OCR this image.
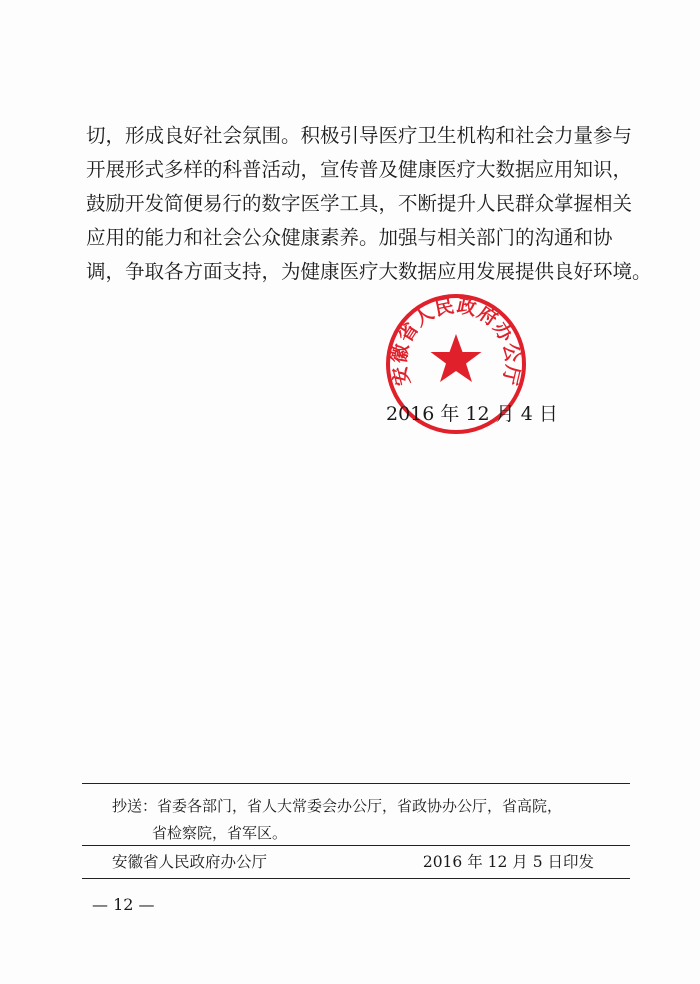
切，形成良好社会氛围。积极引导医疗卫生机构和社会力量参与
开展形式多样的科普活动，宣传普及健康医疗大数据应用知识，
鼓励开发简便易行的数字医学工具，不断提升人民群众掌握相关
应用的能力和社会公众健康素养。加强与相关部门的沟通和协
调，争取各方面支持，为健康医疗大数据应用发展提供良好环境。

安徽省人民政府办公厅
2016 年 12 月 4 日
抄送：省委各部门，省人大常委会办公厅，省政协办公厅，省高院，
省检察院，省军区。
安徽省人民政府办公厅	2016 年 12 月 5 日印发
— 12 —
